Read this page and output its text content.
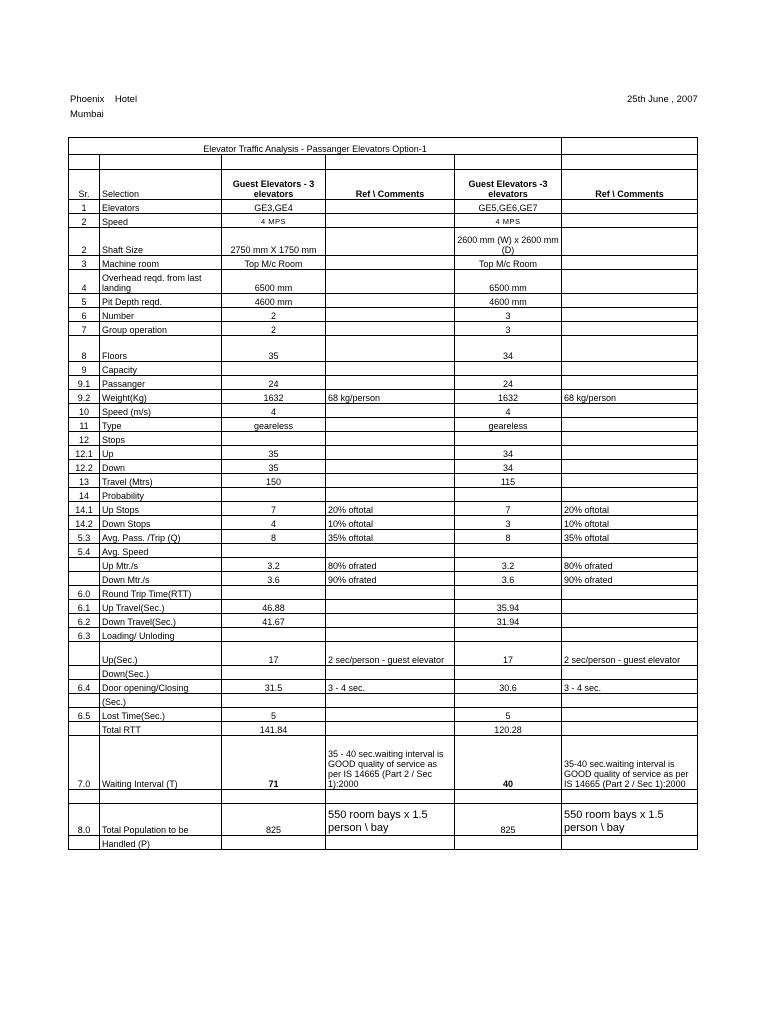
Phoenix    Hotel
Mumbai
25th June , 2007
Elevator Traffic Analysis - Passanger Elevators Option-1					

Sr.	Selection	Guest Elevators - 3 elevators	Ref \ Comments	Guest Elevators -3 elevators	Ref \ Comments
1	Elevators	GE3,GE4		GE5,GE6,GE7	
2	Speed	4 MPS		4 MPS	
2	Shaft Size	2750 mm X 1750 mm		2600 mm (W) x 2600 mm (D)	
3	Machine room	Top M/c Room		Top M/c Room	
4	Overhead reqd. from last landing	6500 mm		6500 mm	
5	Pit Depth reqd.	4600 mm		4600 mm	
6	Number	2		3	
7	Group operation	2		3	
8	Floors	35		34	
9	Capacity				
9.1	Passanger	24		24	
9.2	Weight(Kg)	1632	68 kg/person	1632	68 kg/person
10	Speed (m/s)	4		4	
11	Type	geareless		geareless	
12	Stops				
12.1	Up	35		34	
12.2	Down	35		34	
13	Travel (Mtrs)	150		115	
14	Probability				
14.1	Up Stops	7	20% oftotal	7	20% oftotal
14.2	Down Stops	4	10% oftotal	3	10% oftotal
5.3	Avg. Pass. /Trip (Q)	8	35% oftotal	8	35% oftotal
5.4	Avg. Speed				
	Up Mtr./s	3.2	80% ofrated	3.2	80% ofrated
	Down Mtr./s	3.6	90% ofrated	3.6	90% ofrated
6.0	Round Trip Time(RTT)				
6.1	Up Travel(Sec.)	46.88		35.94	
6.2	Down Travel(Sec.)	41.67		31.94	
6.3	Loading/ Unloding				
	Up(Sec.)	17	2 sec/person - guest elevator	17	2 sec/person - guest elevator
	Down(Sec.)				
6.4	Door opening/Closing	31.5	3 - 4 sec.	30.6	3 - 4 sec.
	(Sec.)				
6.5	Lost Time(Sec.)	5		5	
	Total RTT	141.84		120.28	
7.0	Waiting Interval (T)	71	35 - 40 sec.waiting interval is GOOD quality of service as per IS 14665 (Part 2 / Sec 1):2000	40	35-40 sec.waiting interval is GOOD quality of service as per IS 14665 (Part 2 / Sec 1):2000

8.0	Total Population to be	825	550 room bays x 1.5 person \ bay	825	550 room bays x 1.5 person \ bay
	Handled (P)				
